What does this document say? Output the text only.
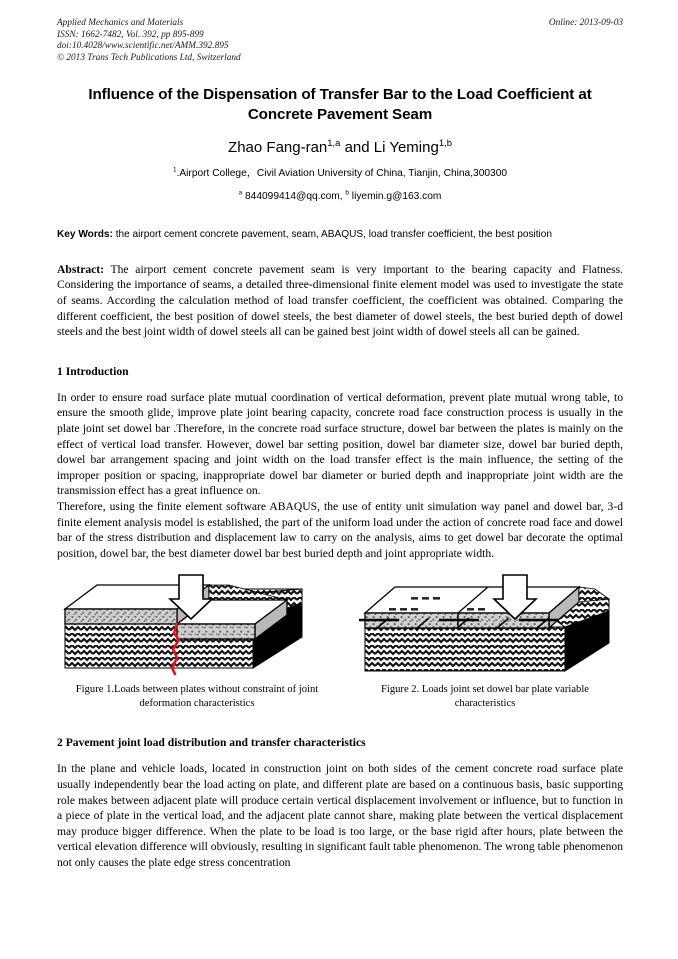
Applied Mechanics and Materials
ISSN: 1662-7482, Vol. 392, pp 895-899
doi:10.4028/www.scientific.net/AMM.392.895
© 2013 Trans Tech Publications Ltd, Switzerland
Online: 2013-09-03
Influence of the Dispensation of Transfer Bar to the Load Coefficient at Concrete Pavement Seam
Zhao Fang-ran$^{1,a}$ and Li Yeming$^{1,b}$
$^1$.Airport College，Civil Aviation University of China, Tianjin, China,300300
$^a$ 844099414@qq.com, $^b$ liyemin.g@163.com
Key Words: the airport cement concrete pavement, seam, ABAQUS, load transfer coefficient, the best position
Abstract: The airport cement concrete pavement seam is very important to the bearing capacity and Flatness. Considering the importance of seams, a detailed three-dimensional finite element model was used to investigate the state of seams. According the calculation method of load transfer coefficient, the coefficient was obtained. Comparing the different coefficient, the best position of dowel steels, the best diameter of dowel steels, the best buried depth of dowel steels and the best joint width of dowel steels all can be gained best joint width of dowel steels all can be gained.
1 Introduction
In order to ensure road surface plate mutual coordination of vertical deformation, prevent plate mutual wrong table, to ensure the smooth glide, improve plate joint bearing capacity, concrete road face construction process is usually in the plate joint set dowel bar .Therefore, in the concrete road surface structure, dowel bar between the plates is mainly on the effect of vertical load transfer. However, dowel bar setting position, dowel bar diameter size, dowel bar buried depth, dowel bar arrangement spacing and joint width on the load transfer effect is the main influence, the setting of the improper position or spacing, inappropriate dowel bar diameter or buried depth and inappropriate joint width are the transmission effect has a great influence on.
Therefore, using the finite element software ABAQUS, the use of entity unit simulation way panel and dowel bar, 3-d finite element analysis model is established, the part of the uniform load under the action of concrete road face and dowel bar of the stress distribution and displacement law to carry on the analysis, aims to get dowel bar decorate the optimal position, dowel bar, the best diameter dowel bar best buried depth and joint appropriate width.
Figure 1.Loads between plates without constraint of joint deformation characteristics
Figure 2. Loads joint set dowel bar plate variable characteristics
2 Pavement joint load distribution and transfer characteristics
In the plane and vehicle loads, located in construction joint on both sides of the cement concrete road surface plate usually independently bear the load acting on plate, and different plate are based on a continuous basis, basic supporting role makes between adjacent plate will produce certain vertical displacement involvement or influence, but to function in a piece of plate in the vertical load, and the adjacent plate cannot share, making plate between the vertical displacement may produce bigger difference. When the plate to be load is too large, or the base rigid after hours, plate between the vertical elevation difference will obviously, resulting in significant fault table phenomenon. The wrong table phenomenon not only causes the plate edge stress concentration
